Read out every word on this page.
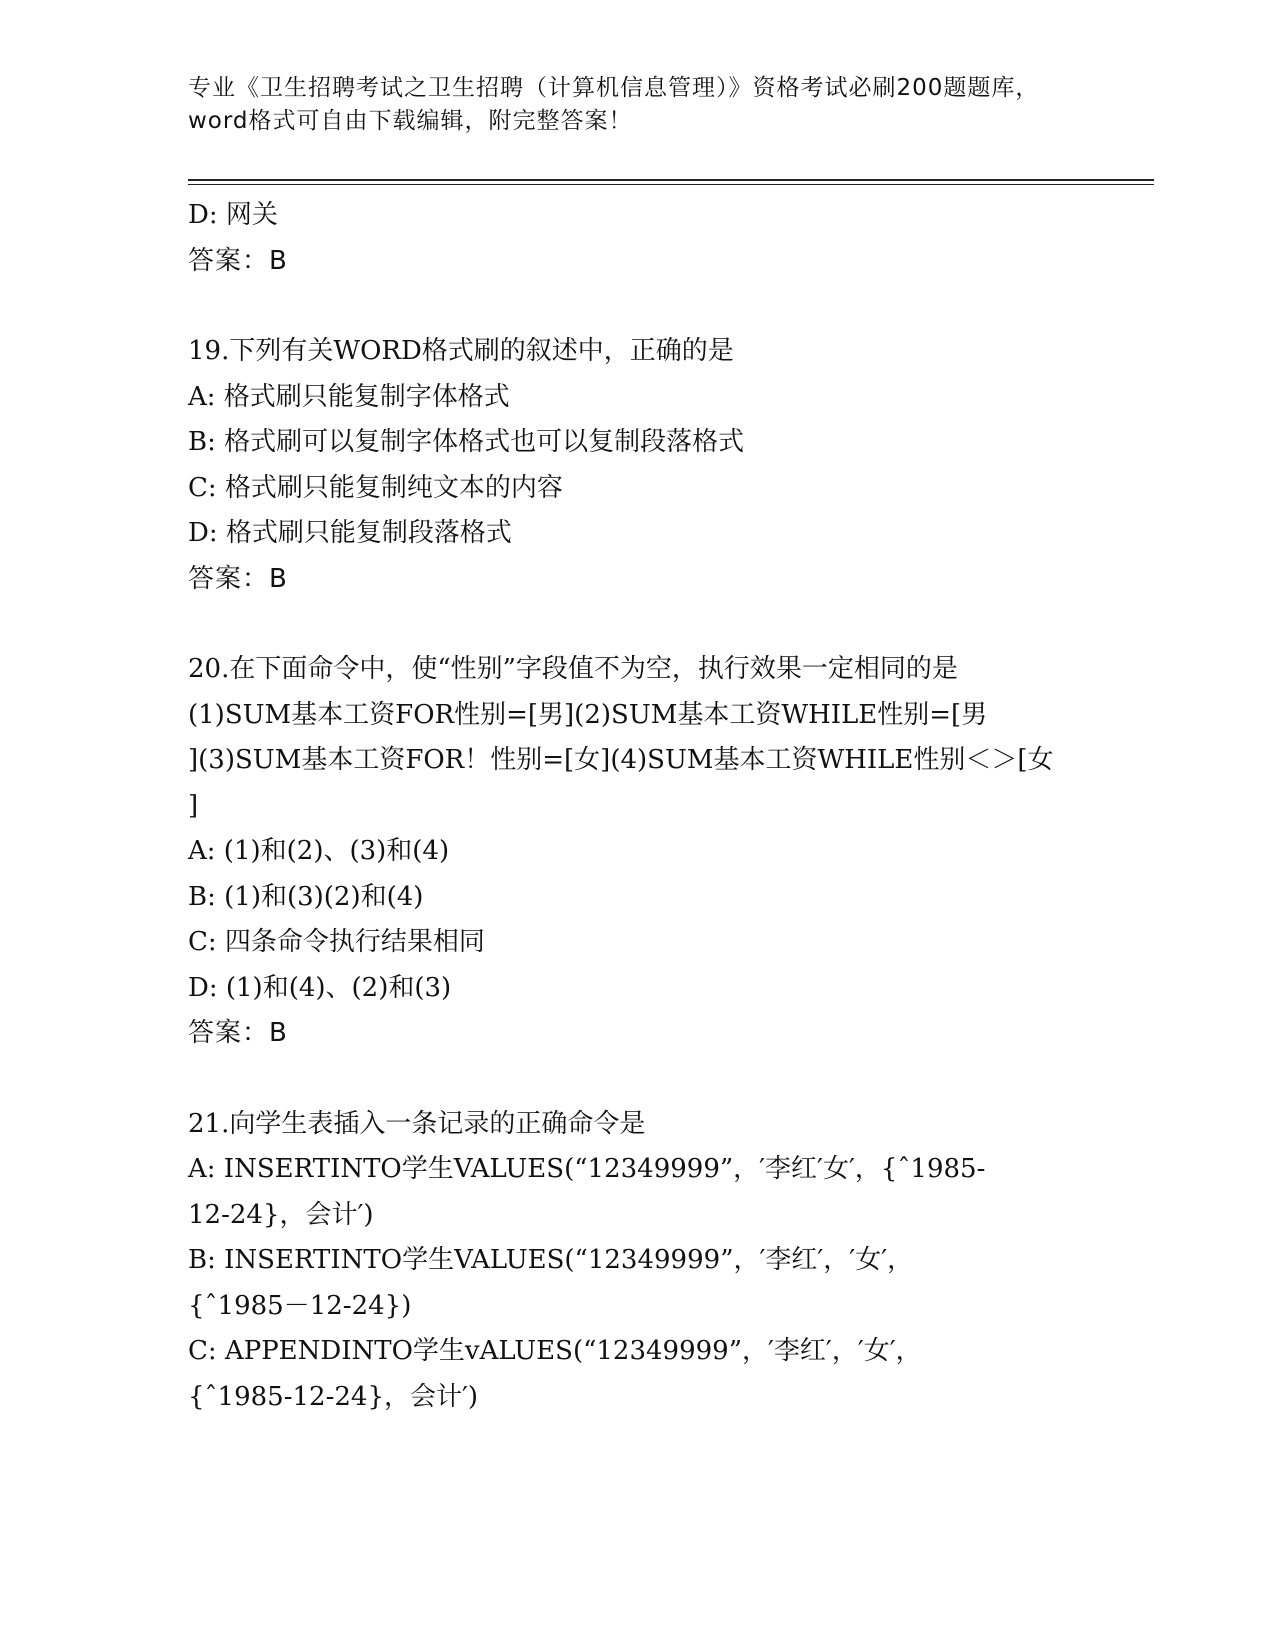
专业《卫生招聘考试之卫生招聘（计算机信息管理）》资格考试必刷200题题库，
word格式可自由下载编辑，附完整答案！

D: 网关

答案：B

19.下列有关WORD格式刷的叙述中，正确的是

A: 格式刷只能复制字体格式

B: 格式刷可以复制字体格式也可以复制段落格式

C: 格式刷只能复制纯文本的内容

D: 格式刷只能复制段落格式

答案：B

20.在下面命令中，使“性别”字段值不为空，执行效果一定相同的是

(1)SUM基本工资FOR性别=[男](2)SUM基本工资WHILE性别=[男

](3)SUM基本工资FOR！性别=[女](4)SUM基本工资WHILE性别＜＞[女

]

A: (1)和(2)、(3)和(4)

B: (1)和(3)(2)和(4)

C: 四条命令执行结果相同

D: (1)和(4)、(2)和(3)

答案：B

21.向学生表插入一条记录的正确命令是

A: INSERTINTO学生VALUES(“12349999”，′李红′女′，{ˆ1985-

12-24}，会计′)

B: INSERTINTO学生VALUES(“12349999”，′李红′，′女′，

{ˆ1985－12-24})

C: APPENDINTO学生vALUES(“12349999”，′李红′，′女′，

{ˆ1985-12-24}，会计′)
